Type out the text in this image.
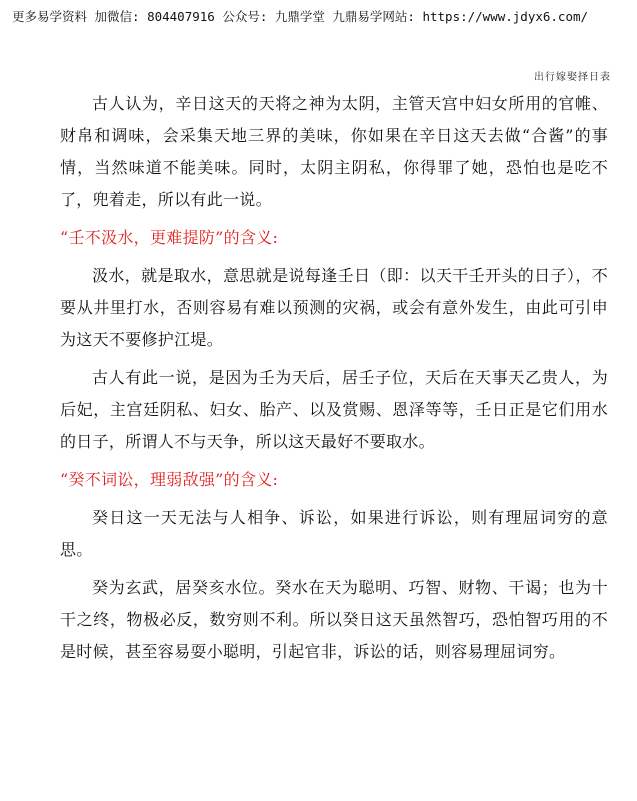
更多易学资料 加微信: 804407916 公众号: 九鼎学堂 九鼎易学网站: https://www.jdyx6.com/
出行嫁娶择日表

古人认为，辛日这天的天将之神为太阴，主管天宫中妇女所用的官帷、财帛和调味，会采集天地三界的美味，你如果在辛日这天去做“合酱”的事情，当然味道不能美味。同时，太阴主阴私，你得罪了她，恐怕也是吃不了，兜着走，所以有此一说。

“壬不汲水，更难提防”的含义:

汲水，就是取水，意思就是说每逢壬日（即：以天干壬开头的日子），不要从井里打水，否则容易有难以预测的灾祸，或会有意外发生，由此可引申为这天不要修护江堤。

古人有此一说，是因为壬为天后，居壬子位，天后在天事天乙贵人，为后妃，主宫廷阴私、妇女、胎产、以及赏赐、恩泽等等，壬日正是它们用水的日子，所谓人不与天争，所以这天最好不要取水。

“癸不词讼，理弱敌强”的含义:

癸日这一天无法与人相争、诉讼，如果进行诉讼，则有理屈词穷的意思。

癸为玄武，居癸亥水位。癸水在天为聪明、巧智、财物、干谒；也为十干之终，物极必反，数穷则不利。所以癸日这天虽然智巧，恐怕智巧用的不是时候，甚至容易耍小聪明，引起官非，诉讼的话，则容易理屈词穷。
